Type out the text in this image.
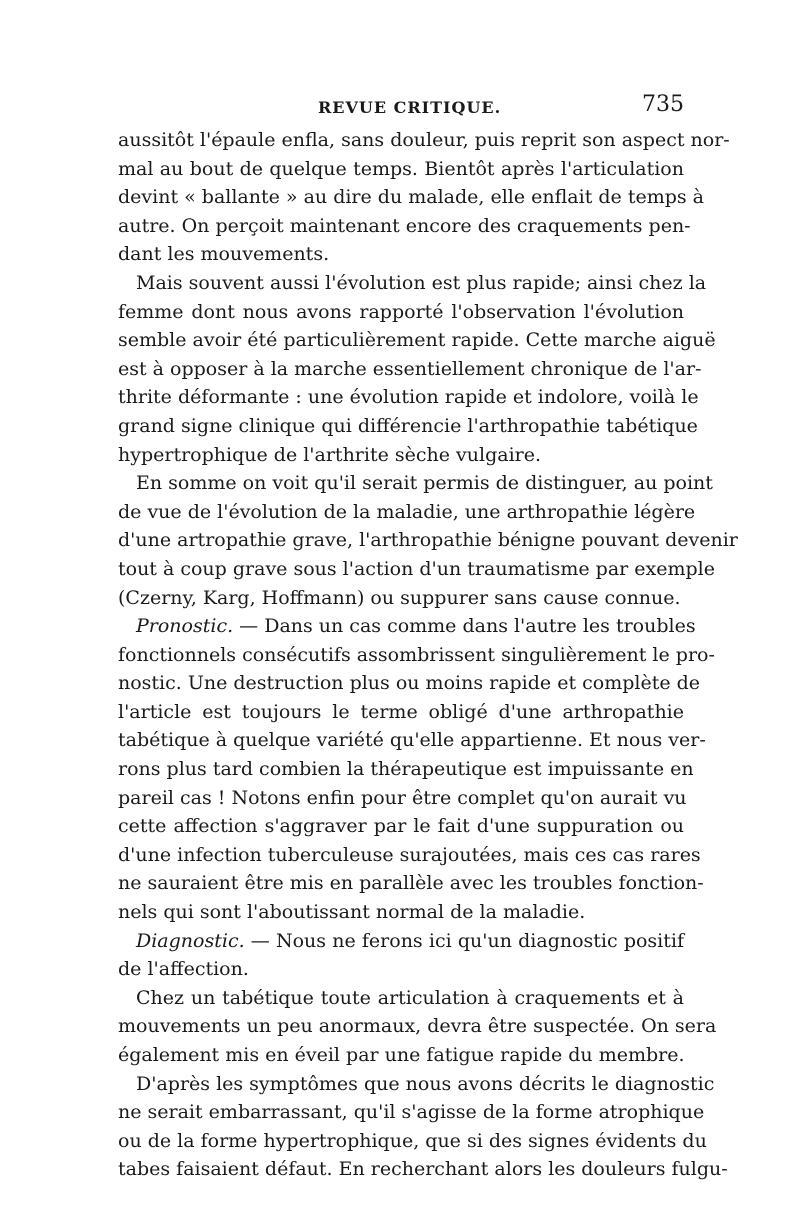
REVUE CRITIQUE.	735
aussitôt l'épaule enfla, sans douleur, puis reprit son aspect nor-
mal au bout de quelque temps. Bientôt après l'articulation
devint « ballante » au dire du malade, elle enflait de temps à
autre. On perçoit maintenant encore des craquements pen-
dant les mouvements.
Mais souvent aussi l'évolution est plus rapide; ainsi chez la
femme dont nous avons rapporté l'observation l'évolution
semble avoir été particulièrement rapide. Cette marche aiguë
est à opposer à la marche essentiellement chronique de l'ar-
thrite déformante : une évolution rapide et indolore, voilà le
grand signe clinique qui différencie l'arthropathie tabétique
hypertrophique de l'arthrite sèche vulgaire.
En somme on voit qu'il serait permis de distinguer, au point
de vue de l'évolution de la maladie, une arthropathie légère
d'une artropathie grave, l'arthropathie bénigne pouvant devenir
tout à coup grave sous l'action d'un traumatisme par exemple
(Czerny, Karg, Hoffmann) ou suppurer sans cause connue.
Pronostic. — Dans un cas comme dans l'autre les troubles
fonctionnels consécutifs assombrissent singulièrement le pro-
nostic. Une destruction plus ou moins rapide et complète de
l'article est toujours le terme obligé d'une arthropathie
tabétique à quelque variété qu'elle appartienne. Et nous ver-
rons plus tard combien la thérapeutique est impuissante en
pareil cas ! Notons enfin pour être complet qu'on aurait vu
cette affection s'aggraver par le fait d'une suppuration ou
d'une infection tuberculeuse surajoutées, mais ces cas rares
ne sauraient être mis en parallèle avec les troubles fonction-
nels qui sont l'aboutissant normal de la maladie.
Diagnostic. — Nous ne ferons ici qu'un diagnostic positif
de l'affection.
Chez un tabétique toute articulation à craquements et à
mouvements un peu anormaux, devra être suspectée. On sera
également mis en éveil par une fatigue rapide du membre.
D'après les symptômes que nous avons décrits le diagnostic
ne serait embarrassant, qu'il s'agisse de la forme atrophique
ou de la forme hypertrophique, que si des signes évidents du
tabes faisaient défaut. En recherchant alors les douleurs fulgu-
